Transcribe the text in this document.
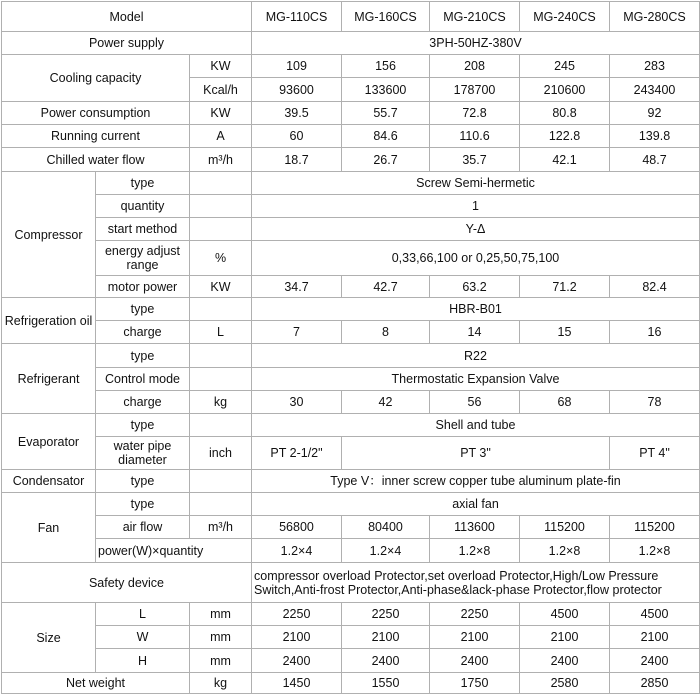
Model			MG-110CS	MG-160CS	MG-210CS	MG-240CS	MG-280CS
Power supply			3PH-50HZ-380V				
Cooling capacity		KW	109	156	208	245	283
		Kcal/h	93600	133600	178700	210600	243400
Power consumption		KW	39.5	55.7	72.8	80.8	92
Running current		A	60	84.6	110.6	122.8	139.8
Chilled water flow		m³/h	18.7	26.7	35.7	42.1	48.7
Compressor	type		Screw Semi-hermetic				
	quantity		1				
	start method		Y-Δ				
	energy adjust range	%	0,33,66,100 or 0,25,50,75,100				
	motor power	KW	34.7	42.7	63.2	71.2	82.4
Refrigeration oil	type		HBR-B01				
	charge	L	7	8	14	15	16
Refrigerant	type		R22				
	Control mode		Thermostatic Expansion Valve				
	charge	kg	30	42	56	68	78
Evaporator	type		Shell and tube				
	water pipe diameter	inch	PT 2-1/2"	PT 3"			PT 4"
Condensator	type		Type V：inner screw copper tube aluminum plate-fin				
Fan	type		axial fan				
	air flow	m³/h	56800	80400	113600	115200	115200
	power(W)×quantity		1.2×4	1.2×4	1.2×8	1.2×8	1.2×8
Safety device			compressor overload Protector,set overload Protector,High/Low Pressure
Switch,Anti-frost Protector,Anti-phase&lack-phase Protector,flow protector				

Size	L	mm	2250	2250	2250	4500	4500
	W	mm	2100	2100	2100	2100	2100
	H	mm	2400	2400	2400	2400	2400
Net weight		kg	1450	1550	1750	2580	2850
